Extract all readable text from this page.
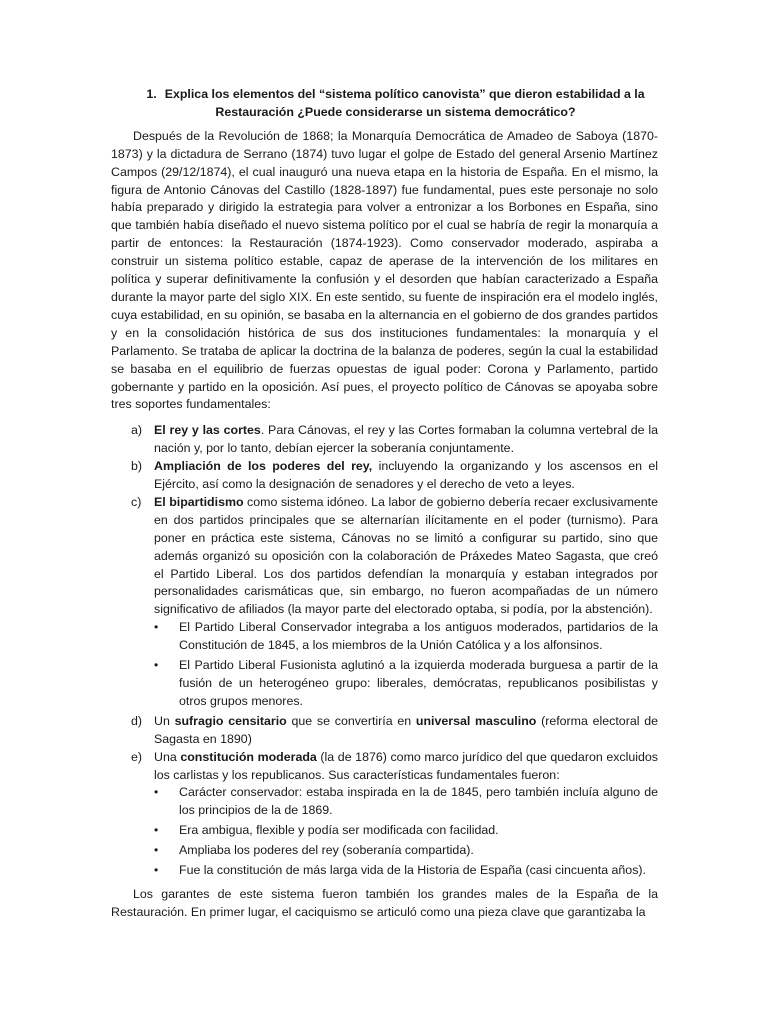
1. Explica los elementos del “sistema político canovista” que dieron estabilidad a la Restauración ¿Puede considerarse un sistema democrático?

Después de la Revolución de 1868; la Monarquía Democrática de Amadeo de Saboya (1870-1873) y la dictadura de Serrano (1874) tuvo lugar el golpe de Estado del general Arsenio Martínez Campos (29/12/1874), el cual inauguró una nueva etapa en la historia de España. En el mismo, la figura de Antonio Cánovas del Castillo (1828-1897) fue fundamental, pues este personaje no solo había preparado y dirigido la estrategia para volver a entronizar a los Borbones en España, sino que también había diseñado el nuevo sistema político por el cual se habría de regir la monarquía a partir de entonces: la Restauración (1874-1923). Como conservador moderado, aspiraba a construir un sistema político estable, capaz de aperase de la intervención de los militares en política y superar definitivamente la confusión y el desorden que habían caracterizado a España durante la mayor parte del siglo XIX. En este sentido, su fuente de inspiración era el modelo inglés, cuya estabilidad, en su opinión, se basaba en la alternancia en el gobierno de dos grandes partidos y en la consolidación histórica de sus dos instituciones fundamentales: la monarquía y el Parlamento. Se trataba de aplicar la doctrina de la balanza de poderes, según la cual la estabilidad se basaba en el equilibrio de fuerzas opuestas de igual poder: Corona y Parlamento, partido gobernante y partido en la oposición. Así pues, el proyecto político de Cánovas se apoyaba sobre tres soportes fundamentales:

a) El rey y las cortes. Para Cánovas, el rey y las Cortes formaban la columna vertebral de la nación y, por lo tanto, debían ejercer la soberanía conjuntamente.
b) Ampliación de los poderes del rey, incluyendo la organizando y los ascensos en el Ejército, así como la designación de senadores y el derecho de veto a leyes.
c) El bipartidismo como sistema idóneo. La labor de gobierno debería recaer exclusivamente en dos partidos principales que se alternarían ilícitamente en el poder (turnismo). Para poner en práctica este sistema, Cánovas no se limitó a configurar su partido, sino que además organizó su oposición con la colaboración de Práxedes Mateo Sagasta, que creó el Partido Liberal. Los dos partidos defendían la monarquía y estaban integrados por personalidades carismáticas que, sin embargo, no fueron acompañadas de un número significativo de afiliados (la mayor parte del electorado optaba, si podía, por la abstención).
• El Partido Liberal Conservador integraba a los antiguos moderados, partidarios de la Constitución de 1845, a los miembros de la Unión Católica y a los alfonsinos.
• El Partido Liberal Fusionista aglutinó a la izquierda moderada burguesa a partir de la fusión de un heterogéneo grupo: liberales, demócratas, republicanos posibilistas y otros grupos menores.
d) Un sufragio censitario que se convertiría en universal masculino (reforma electoral de Sagasta en 1890)
e) Una constitución moderada (la de 1876) como marco jurídico del que quedaron excluidos los carlistas y los republicanos. Sus características fundamentales fueron:
• Carácter conservador: estaba inspirada en la de 1845, pero también incluía alguno de los principios de la de 1869.
• Era ambigua, flexible y podía ser modificada con facilidad.
• Ampliaba los poderes del rey (soberanía compartida).
• Fue la constitución de más larga vida de la Historia de España (casi cincuenta años).

Los garantes de este sistema fueron también los grandes males de la España de la Restauración. En primer lugar, el caciquismo se articuló como una pieza clave que garantizaba la
